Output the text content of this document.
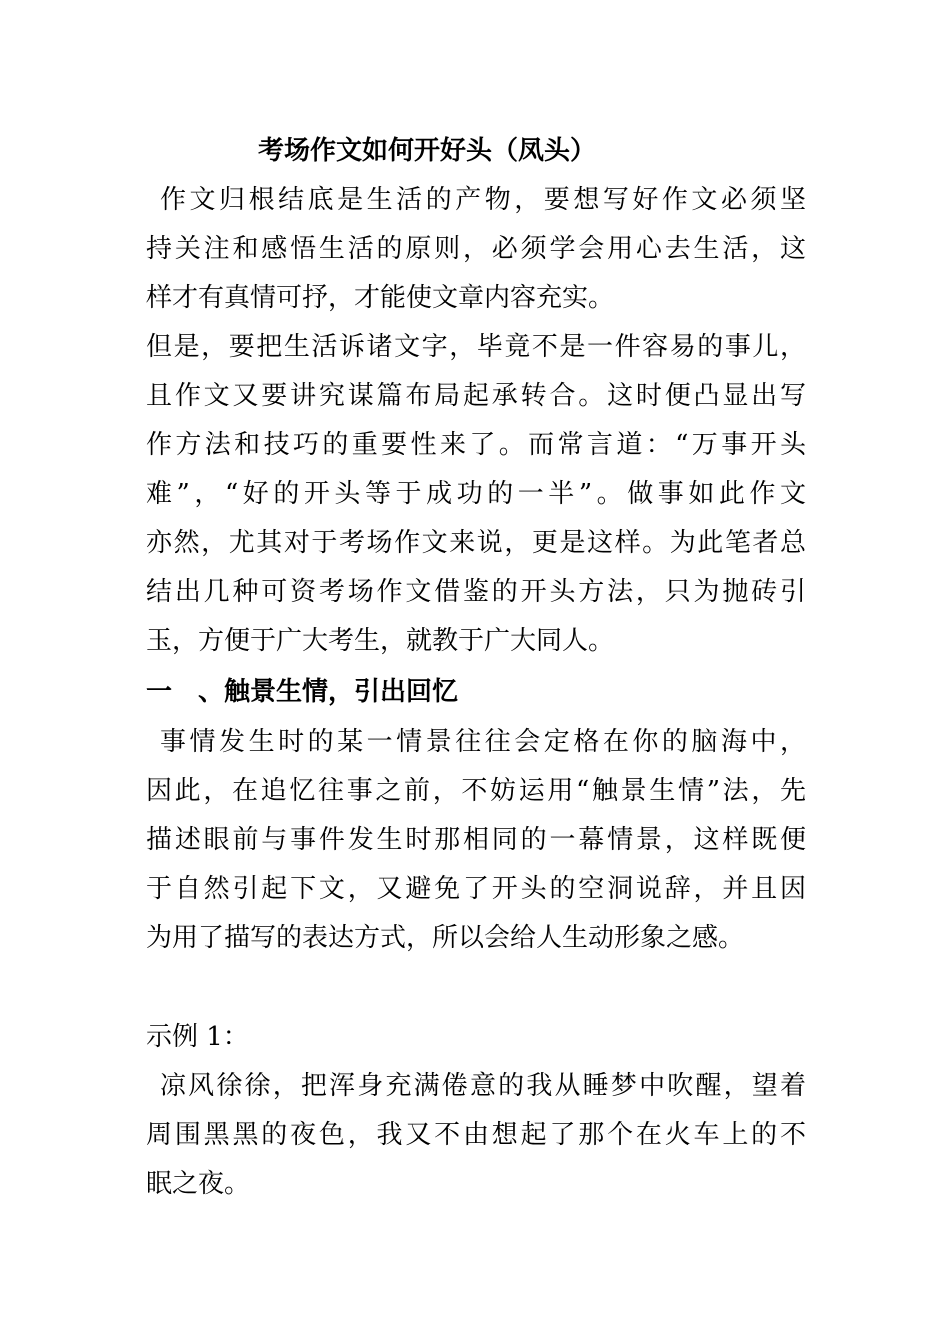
考场作文如何开好头（凤头）

作文归根结底是生活的产物，要想写好作文必须坚
持关注和感悟生活的原则，必须学会用心去生活，这
样才有真情可抒，才能使文章内容充实。

但是，要把生活诉诸文字，毕竟不是一件容易的事儿，
且作文又要讲究谋篇布局起承转合。这时便凸显出写
作方法和技巧的重要性来了。而常言道：“万事开头
难”，“好的开头等于成功的一半”。做事如此作文
亦然，尤其对于考场作文来说，更是这样。为此笔者总
结出几种可资考场作文借鉴的开头方法，只为抛砖引
玉，方便于广大考生，就教于广大同人。

一 、触景生情，引出回忆

事情发生时的某一情景往往会定格在你的脑海中，
因此，在追忆往事之前，不妨运用“触景生情”法，先
描述眼前与事件发生时那相同的一幕情景，这样既便
于自然引起下文，又避免了开头的空洞说辞，并且因
为用了描写的表达方式，所以会给人生动形象之感。

示例 1：

凉风徐徐，把浑身充满倦意的我从睡梦中吹醒，望着
周围黑黑的夜色，我又不由想起了那个在火车上的不
眠之夜。
